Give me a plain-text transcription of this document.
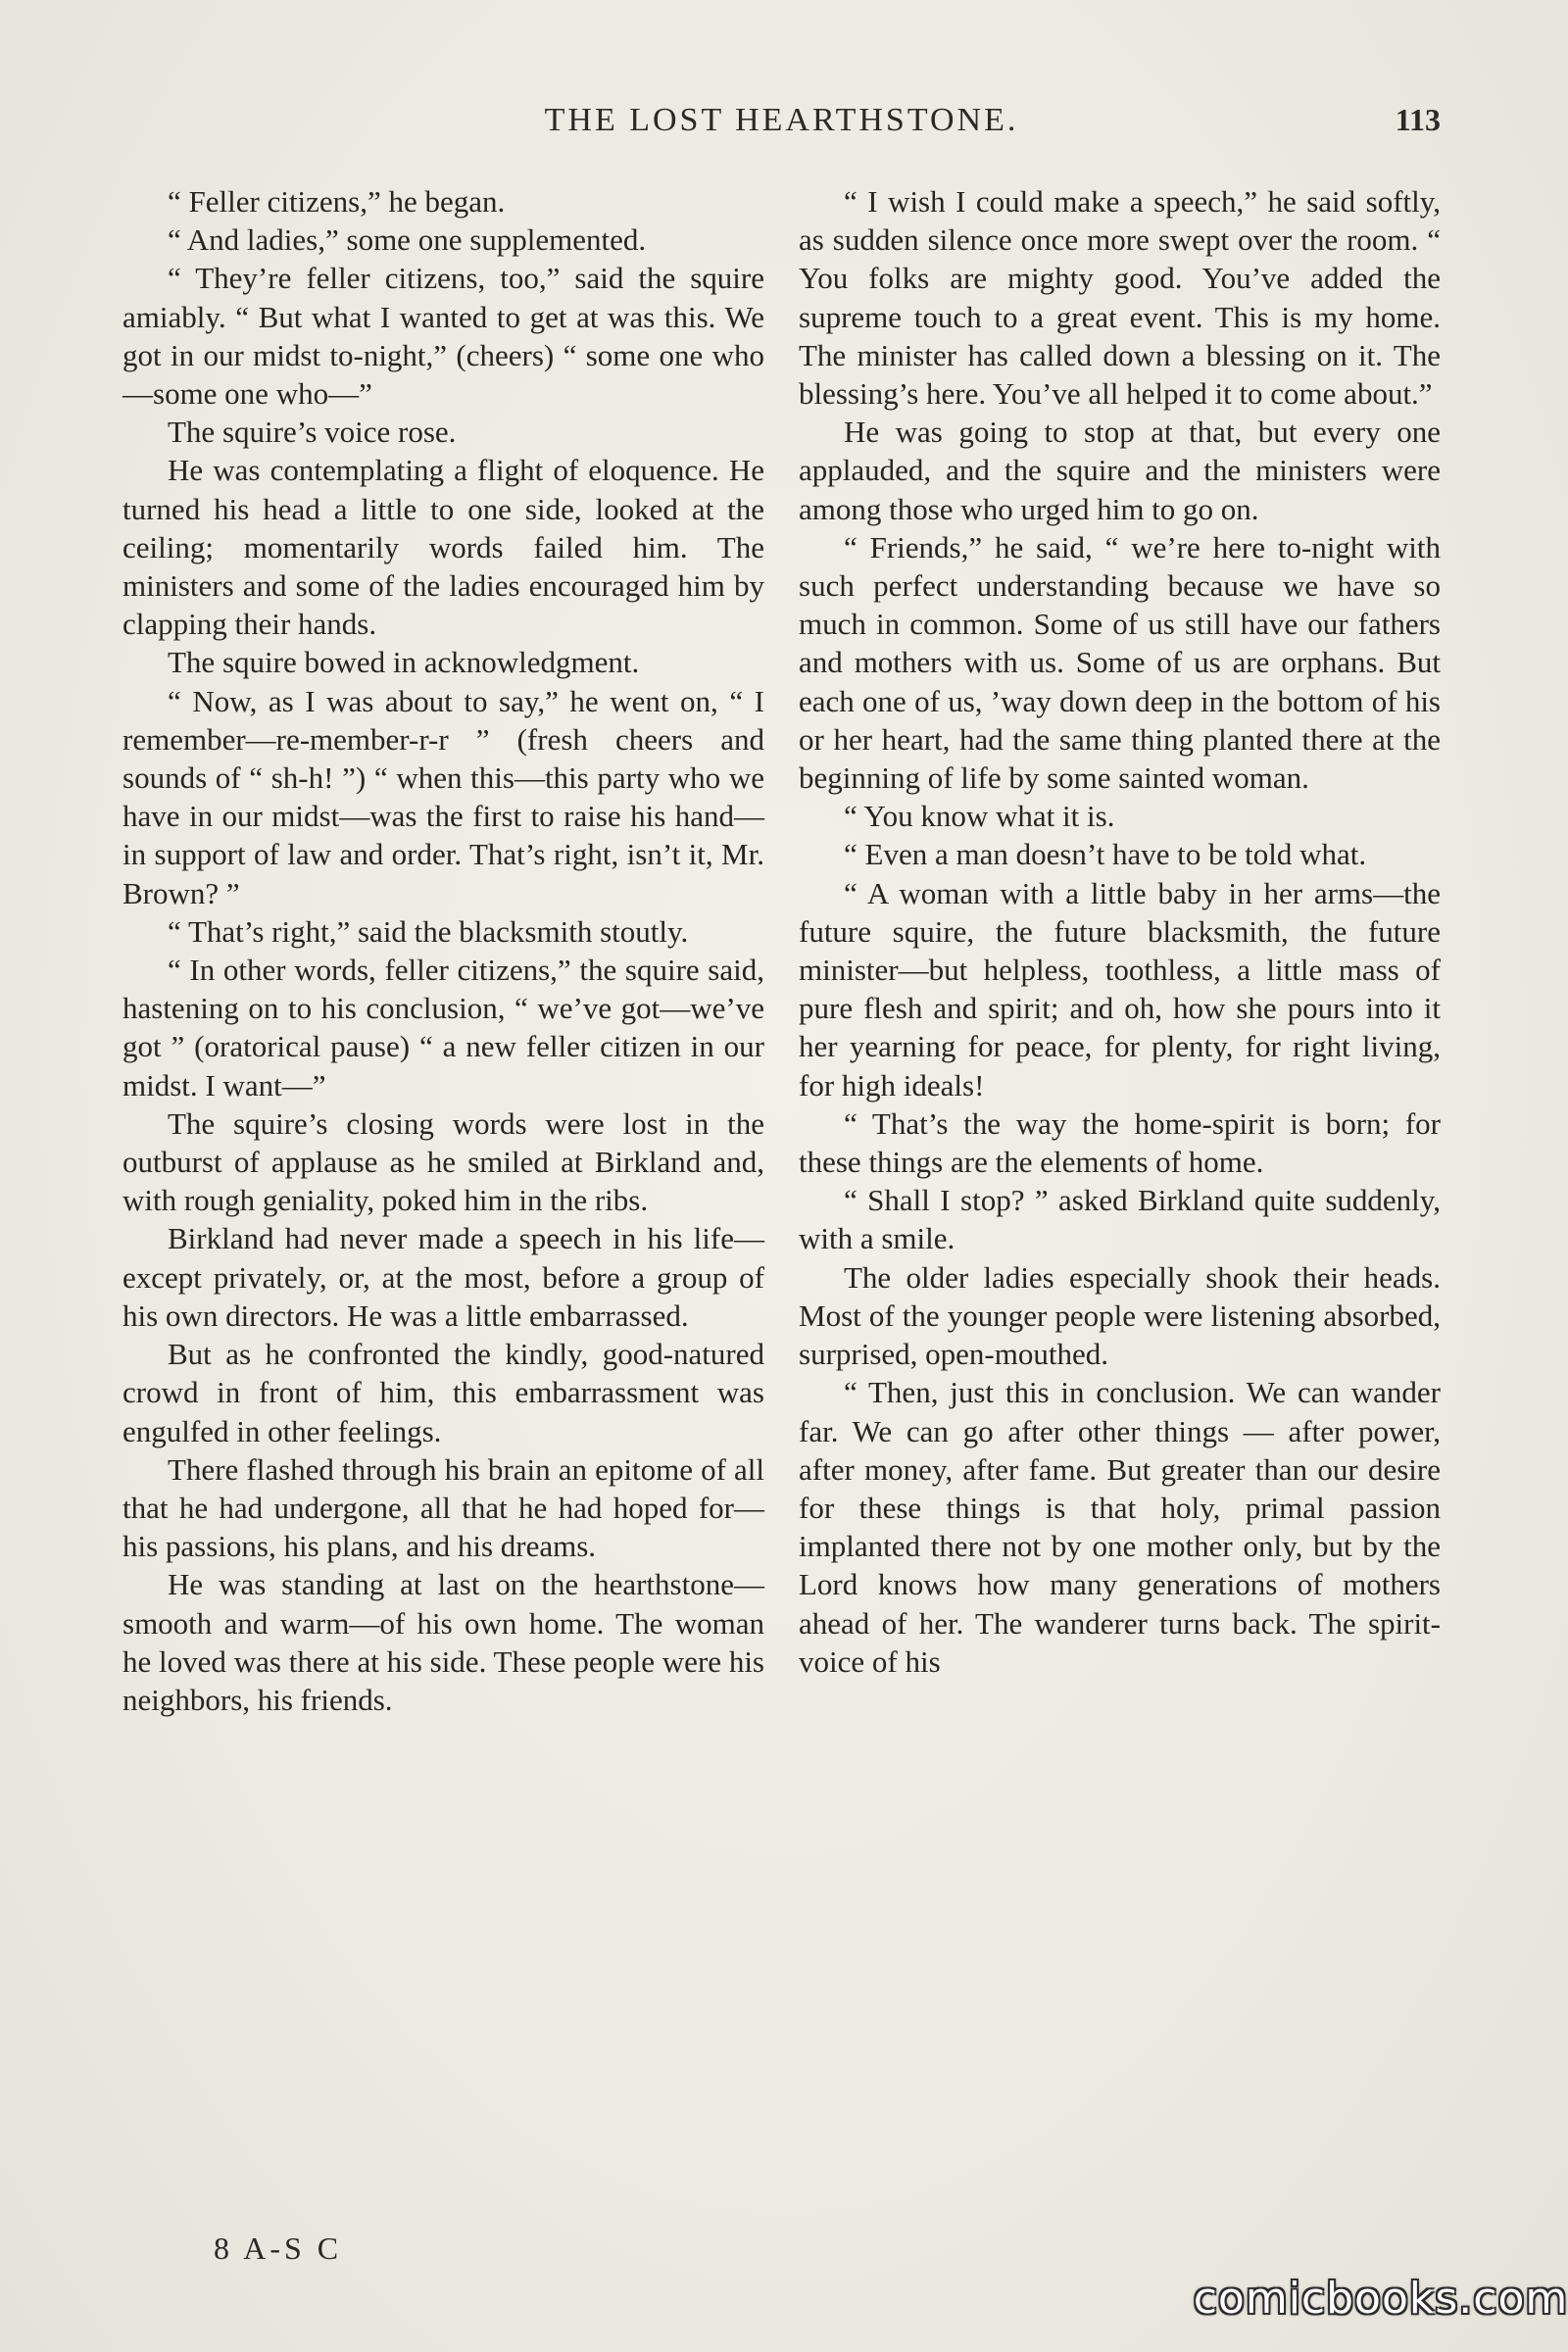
THE LOST HEARTHSTONE.	113

“ Feller citizens,” he began.

“ And ladies,” some one supplemented.

“ They’re feller citizens, too,” said the squire amiably. “ But what I wanted to get at was this. We got in our midst to-night,” (cheers) “ some one who—some one who—”

The squire’s voice rose.

He was contemplating a flight of eloquence. He turned his head a little to one side, looked at the ceiling; momentarily words failed him. The ministers and some of the ladies encouraged him by clapping their hands.

The squire bowed in acknowledgment.

“ Now, as I was about to say,” he went on, “ I remember—re-member-r-r ” (fresh cheers and sounds of “ sh-h! ”) “ when this—this party who we have in our midst—was the first to raise his hand—in support of law and order. That’s right, isn’t it, Mr. Brown? ”

“ That’s right,” said the blacksmith stoutly.

“ In other words, feller citizens,” the squire said, hastening on to his conclusion, “ we’ve got—we’ve got ” (oratorical pause) “ a new feller citizen in our midst. I want—”

The squire’s closing words were lost in the outburst of applause as he smiled at Birkland and, with rough geniality, poked him in the ribs.

Birkland had never made a speech in his life—except privately, or, at the most, before a group of his own directors. He was a little embarrassed.

But as he confronted the kindly, good-natured crowd in front of him, this embarrassment was engulfed in other feelings.

There flashed through his brain an epitome of all that he had undergone, all that he had hoped for—his passions, his plans, and his dreams.

He was standing at last on the hearthstone—smooth and warm—of his own home. The woman he loved was there at his side. These people were his neighbors, his friends.

“ I wish I could make a speech,” he said softly, as sudden silence once more swept over the room. “ You folks are mighty good. You’ve added the supreme touch to a great event. This is my home. The minister has called down a blessing on it. The blessing’s here. You’ve all helped it to come about.”

He was going to stop at that, but every one applauded, and the squire and the ministers were among those who urged him to go on.

“ Friends,” he said, “ we’re here to-night with such perfect understanding because we have so much in common. Some of us still have our fathers and mothers with us. Some of us are orphans. But each one of us, ’way down deep in the bottom of his or her heart, had the same thing planted there at the beginning of life by some sainted woman.

“ You know what it is.

“ Even a man doesn’t have to be told what.

“ A woman with a little baby in her arms—the future squire, the future blacksmith, the future minister—but helpless, toothless, a little mass of pure flesh and spirit; and oh, how she pours into it her yearning for peace, for plenty, for right living, for high ideals!

“ That’s the way the home-spirit is born; for these things are the elements of home.

“ Shall I stop? ” asked Birkland quite suddenly, with a smile.

The older ladies especially shook their heads. Most of the younger people were listening absorbed, surprised, open-mouthed.

“ Then, just this in conclusion. We can wander far. We can go after other things — after power, after money, after fame. But greater than our desire for these things is that holy, primal passion implanted there not by one mother only, but by the Lord knows how many generations of mothers ahead of her. The wanderer turns back. The spirit-voice of his

8 A-S C
comicbooks.com
